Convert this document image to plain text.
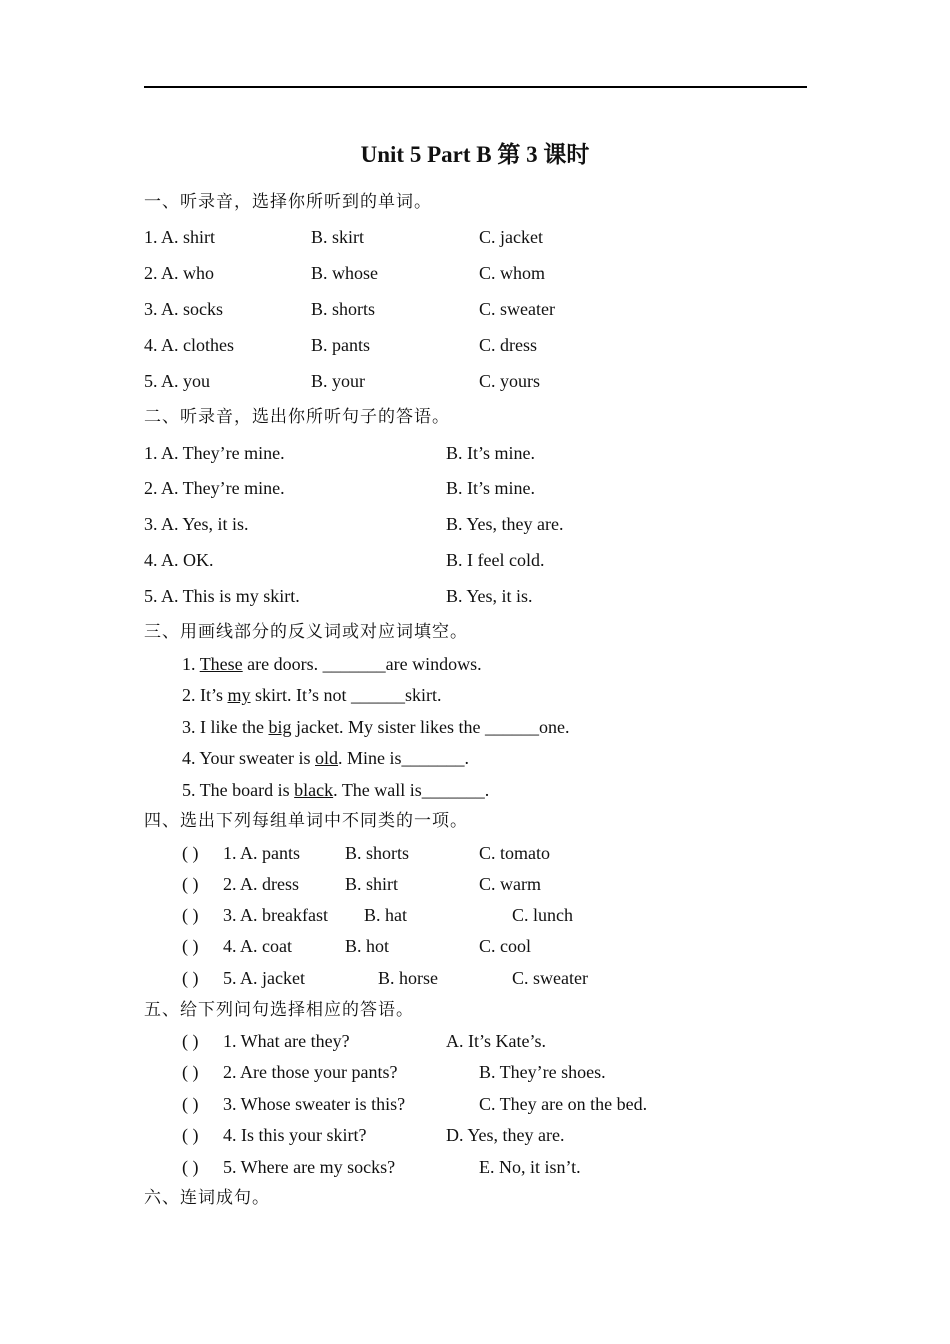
Unit 5 Part B 第 3 课时
一、听录音，选择你所听到的单词。
1. A. shirt	B. skirt	C. jacket
2. A. who	B. whose	C. whom
3. A. socks	B. shorts	C. sweater
4. A. clothes	B. pants	C. dress
5. A. you	B. your	C. yours
二、听录音，选出你所听句子的答语。
1. A. They’re mine.	B. It’s mine.
2. A. They’re mine.	B. It’s mine.
3. A. Yes, it is.	B. Yes, they are.
4. A. OK.	B. I feel cold.
5. A. This is my skirt.	B. Yes, it is.
三、用画线部分的反义词或对应词填空。
1. These are doors. _______are windows.
2. It’s my skirt. It’s not ______skirt.
3. I like the big jacket. My sister likes the ______one.
4. Your sweater is old. Mine is_______.
5. The board is black. The wall is_______.
四、选出下列每组单词中不同类的一项。
( ) 1. A. pants B. shorts	C. tomato
( ) 2. A. dress	B. shirt	C. warm
( ) 3. A. breakfast B. hat	C. lunch
( ) 4. A. coat	B. hot	C. cool
( ) 5. A. jacket	B. horse	C. sweater
五、给下列问句选择相应的答语。
( ) 1. What are they?	A. It’s Kate’s.
( ) 2. Are those your pants?	B. They’re shoes.
( ) 3. Whose sweater is this?	C. They are on the bed.
( ) 4. Is this your skirt?	D. Yes, they are.
( ) 5. Where are my socks?	E. No, it isn’t.
六、连词成句。
